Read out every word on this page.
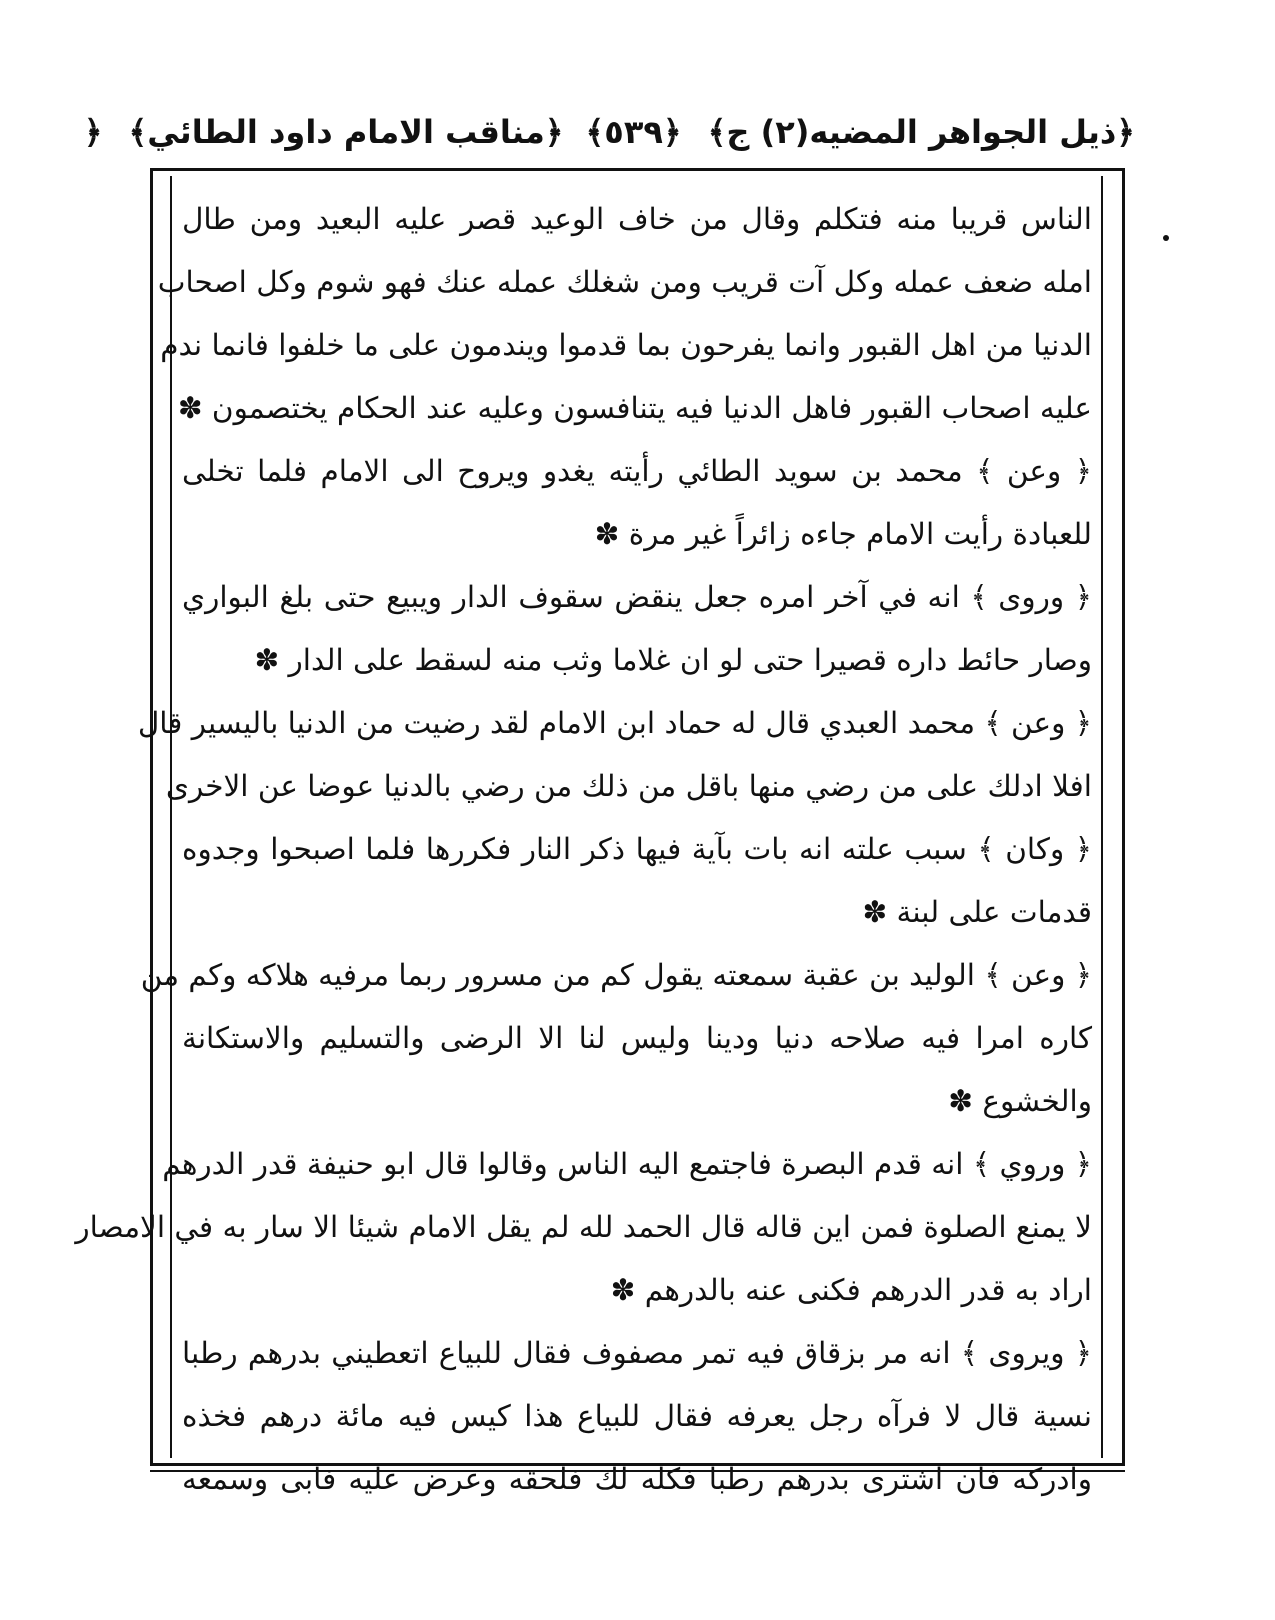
﴿ذيل الجواهر المضيه(٢) ج﴾
﴿٥٣٩﴾
﴿مناقب الامام داود الطائي﴾
﴿
الناس قريبا منه فتكلم وقال من خاف الوعيد قصر عليه البعيد ومن طال
امله ضعف عمله وكل آت قريب ومن شغلك عمله عنك فهو شوم وكل اصحاب
الدنيا من اهل القبور وانما يفرحون بما قدموا ويندمون على ما خلفوا فانما ندم
عليه اصحاب القبور فاهل الدنيا فيه يتنافسون وعليه عند الحكام يختصمون ✽
﴿ وعن ﴾ محمد بن سويد الطائي رأيته يغدو ويروح الى الامام فلما تخلى
للعبادة رأيت الامام جاءه زائراً غير مرة ✽
﴿ وروى ﴾ انه في آخر امره جعل ينقض سقوف الدار ويبيع حتى بلغ البواري
وصار حائط داره قصيرا حتى لو ان غلاما وثب منه لسقط على الدار ✽
﴿ وعن ﴾ محمد العبدي قال له حماد ابن الامام لقد رضيت من الدنيا باليسير قال
افلا ادلك على من رضي منها باقل من ذلك من رضي بالدنيا عوضا عن الاخرى
﴿ وكان ﴾ سبب علته انه بات بآية فيها ذكر النار فكررها فلما اصبحوا وجدوه
قدمات على لبنة ✽
﴿ وعن ﴾ الوليد بن عقبة سمعته يقول كم من مسرور ربما مرفيه هلاكه وكم من
كاره امرا فيه صلاحه دنيا ودينا وليس لنا الا الرضى والتسليم والاستكانة
والخشوع ✽
﴿ وروي ﴾ انه قدم البصرة فاجتمع اليه الناس وقالوا قال ابو حنيفة قدر الدرهم
لا يمنع الصلوة فمن اين قاله قال الحمد لله لم يقل الامام شيئا الا سار به في الامصار
اراد به قدر الدرهم فكنى عنه بالدرهم ✽
﴿ ويروى ﴾ انه مر بزقاق فيه تمر مصفوف فقال للبياع اتعطيني بدرهم رطبا
نسية قال لا فرآه رجل يعرفه فقال للبياع هذا كيس فيه مائة درهم فخذه
وادركه فان اشترى بدرهم رطبا فكله لك فلحقه وعرض عليه فابى وسمعه
